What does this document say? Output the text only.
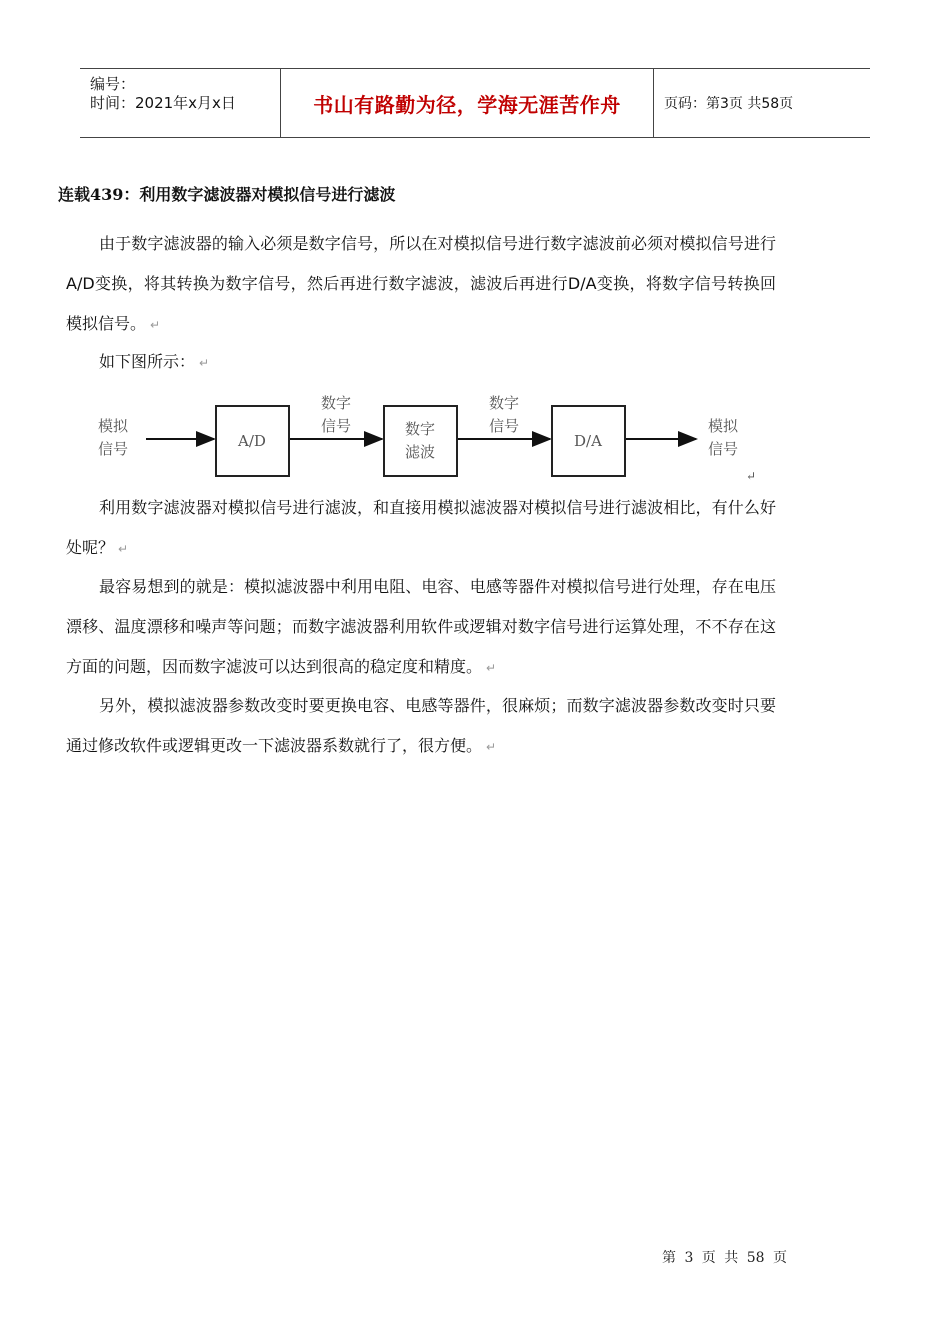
编号：
时间：2021年x月x日	书山有路勤为径，学海无涯苦作舟	页码：第3页 共58页
连载439：利用数字滤波器对模拟信号进行滤波
由于数字滤波器的输入必须是数字信号，所以在对模拟信号进行数字滤波前必须对模拟信号进行A/D变换，将其转换为数字信号，然后再进行数字滤波，滤波后再进行D/A变换，将数字信号转换回模拟信号。 ↵
如下图所示： ↵
模拟
信号	A/D
数字
信号	数字
滤波
数字
信号
D/A
模拟
信号
↵
利用数字滤波器对模拟信号进行滤波，和直接用模拟滤波器对模拟信号进行滤波相比，有什么好处呢？ ↵
最容易想到的就是：模拟滤波器中利用电阻、电容、电感等器件对模拟信号进行处理，存在电压漂移、温度漂移和噪声等问题；而数字滤波器利用软件或逻辑对数字信号进行运算处理，不不存在这方面的问题，因而数字滤波可以达到很高的稳定度和精度。 ↵
另外，模拟滤波器参数改变时要更换电容、电感等器件，很麻烦；而数字滤波器参数改变时只要通过修改软件或逻辑更改一下滤波器系数就行了，很方便。 ↵
第 3 页 共 58 页
